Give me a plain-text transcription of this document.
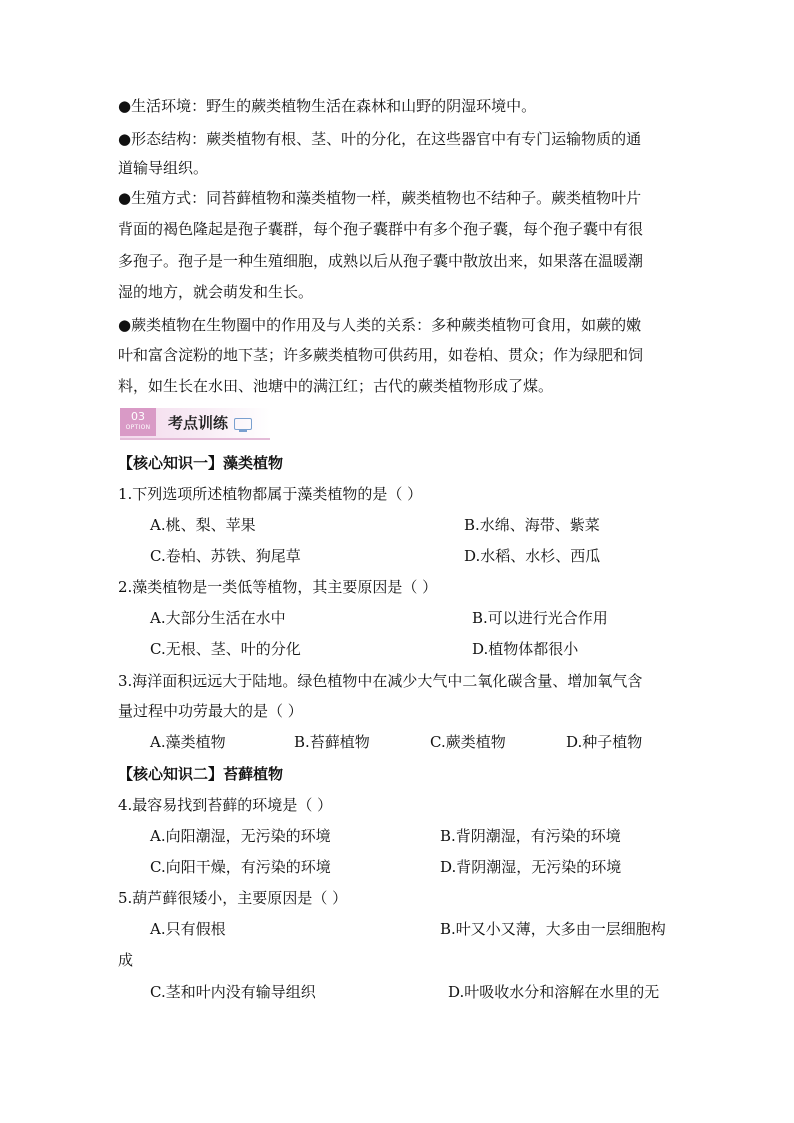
●生活环境：野生的蕨类植物生活在森林和山野的阴湿环境中。
●形态结构：蕨类植物有根、茎、叶的分化，在这些器官中有专门运输物质的通
道输导组织。
●生殖方式：同苔藓植物和藻类植物一样，蕨类植物也不结种子。蕨类植物叶片
背面的褐色隆起是孢子囊群，每个孢子囊群中有多个孢子囊，每个孢子囊中有很
多孢子。孢子是一种生殖细胞，成熟以后从孢子囊中散放出来，如果落在温暖潮
湿的地方，就会萌发和生长。
●蕨类植物在生物圈中的作用及与人类的关系：多种蕨类植物可食用，如蕨的嫩
叶和富含淀粉的地下茎；许多蕨类植物可供药用，如卷柏、贯众；作为绿肥和饲
料，如生长在水田、池塘中的满江红；古代的蕨类植物形成了煤。
03
OPTION	考点训练
【核心知识一】藻类植物
1.下列选项所述植物都属于藻类植物的是（ ）
A.桃、梨、苹果	B.水绵、海带、紫菜
C.卷柏、苏铁、狗尾草	D.水稻、水杉、西瓜
2.藻类植物是一类低等植物，其主要原因是（ ）
A.大部分生活在水中	B.可以进行光合作用
C.无根、茎、叶的分化	D.植物体都很小
3.海洋面积远远大于陆地。绿色植物中在减少大气中二氧化碳含量、增加氧气含
量过程中功劳最大的是（ ）
A.藻类植物	B.苔藓植物	C.蕨类植物	D.种子植物
【核心知识二】苔藓植物
4.最容易找到苔藓的环境是（ ）
A.向阳潮湿，无污染的环境	B.背阴潮湿，有污染的环境
C.向阳干燥，有污染的环境	D.背阴潮湿，无污染的环境
5.葫芦藓很矮小，主要原因是（ ）
A.只有假根	B.叶又小又薄，大多由一层细胞构
成
C.茎和叶内没有输导组织	D.叶吸收水分和溶解在水里的无
